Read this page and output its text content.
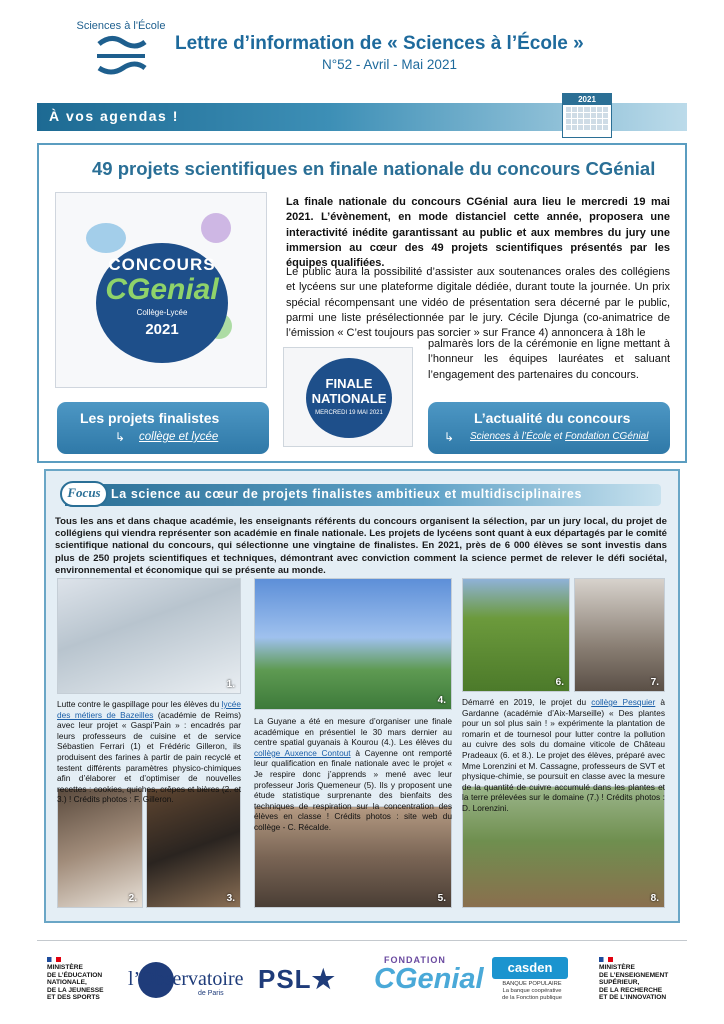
Sciences à l'École
Lettre d’information de « Sciences à l’École »
N°52 - Avril - Mai 2021
À vos agendas !
2021
49 projets scientifiques en finale nationale du concours CGénial
CONCOURS
CGenial
Collège-Lycée
2021
La finale nationale du concours CGénial aura lieu le mercredi 19 mai 2021. L’évènement, en mode distanciel cette année, proposera une interactivité inédite garantissant au public et aux membres du jury une immersion au cœur des 49 projets scientifiques présentés par les équipes qualifiées.
Le public aura la possibilité d’assister aux soutenances orales des collégiens et lycéens sur une plateforme digitale dédiée, durant toute la journée. Un prix spécial récompensant une vidéo de présentation sera décerné par le public, parmi une liste présélectionnée par le jury. Cécile Djunga (co-animatrice de l’émission « C’est toujours pas sorcier » sur France 4) annoncera à 18h le
palmarès lors de la cérémonie en ligne mettant à l’honneur les équipes lauréates et saluant l’engagement des partenaires du concours.
FINALE
NATIONALE
MERCREDI 19 MAI 2021
Les projets finalistes
↳ collège et lycée
L’actualité du concours
↳ Sciences à l’École et Fondation CGénial
Focus La science au cœur de projets finalistes ambitieux et multidisciplinaires
Tous les ans et dans chaque académie, les enseignants référents du concours organisent la sélection, par un jury local, du projet de collégiens qui viendra représenter son académie en finale nationale. Les projets de lycéens sont quant à eux départagés par le comité scientifique national du concours, qui sélectionne une vingtaine de finalistes. En 2021, près de 6 000 élèves se sont investis dans plus de 250 projets scientifiques et techniques, démontrant avec conviction comment la science permet de relever le défi sociétal, environnemental et économique qui se présente au monde.
1.
2.	3.
4.
5.
6.	7.
8.
Lutte contre le gaspillage pour les élèves du lycée des métiers de Bazeilles (académie de Reims) avec leur projet « Gaspi’Pain » : encadrés par leurs professeurs de cuisine et de service Sébastien Ferrari (1) et Frédéric Gilleron, ils produisent des farines à partir de pain recyclé et testent différents paramètres physico-chimiques afin d’élaborer et d’optimiser de nouvelles recettes : cookies, quiches, crêpes et bières (2. et 3.) ! Crédits photos : F. Gilleron.
La Guyane a été en mesure d’organiser une finale académique en présentiel le 30 mars dernier au centre spatial guyanais à Kourou (4.). Les élèves du collège Auxence Contout à Cayenne ont remporté leur qualification en finale nationale avec le projet « Je respire donc j’apprends » mené avec leur professeur Joris Quemeneur (5). Ils y proposent une étude statistique surprenante des bienfaits des techniques de respiration sur la concentration des élèves en classe ! Crédits photos : site web du collège - C. Récalde.
Démarré en 2019, le projet du collège Pesquier à Gardanne (académie d’Aix-Marseille) « Des plantes pour un sol plus sain ! » expérimente la plantation de romarin et de tournesol pour lutter contre la pollution au cuivre des sols du domaine viticole de Château Pradeaux (6. et 8.). Le projet des élèves, préparé avec Mme Lorenzini et M. Cassagne, professeurs de SVT et physique-chimie, se poursuit en classe avec la mesure de la quantité de cuivre accumulé dans les plantes et la terre prélevées sur le domaine (7.) ! Crédits photos : D. Lorenzini.
MINISTÈRE
DE L’ÉDUCATION
NATIONALE,
DE LA JEUNESSE
ET DES SPORTS
l’Observatoire
de Paris PSL★
FONDATION
CGenial	casden
BANQUE POPULAIRE
La banque coopérative
de la Fonction publique
MINISTÈRE
DE L’ENSEIGNEMENT
SUPÉRIEUR,
DE LA RECHERCHE
ET DE L’INNOVATION
